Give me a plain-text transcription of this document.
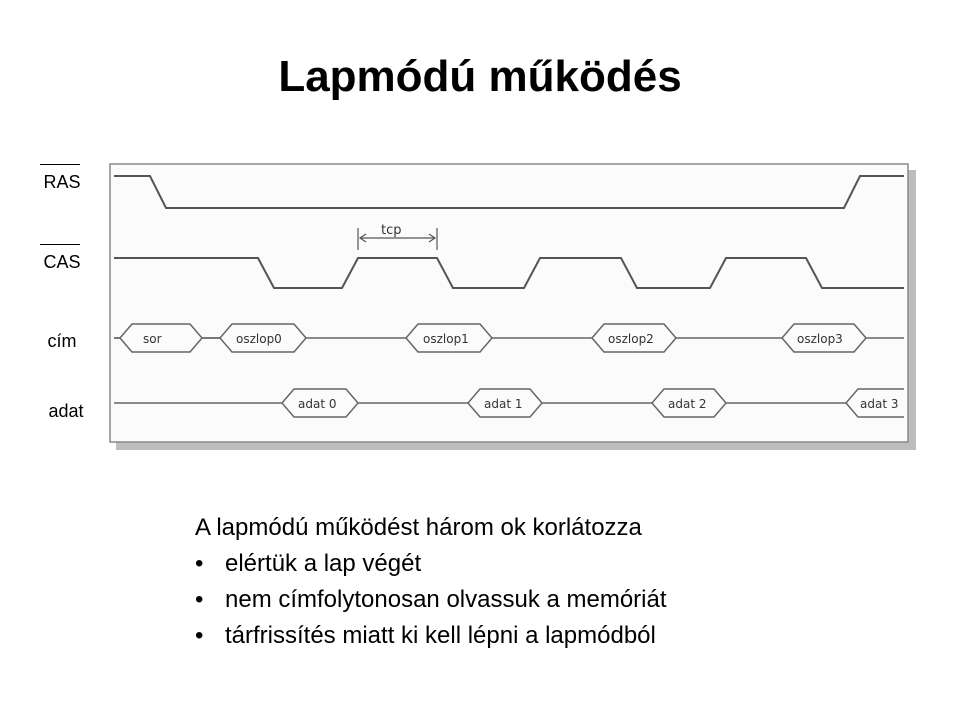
Lapmódú működés
RAS
CAS
cím
adat
tcp
sor	oszlop0	oszlop1	oszlop2	oszlop3
adat 0	adat 1	adat 2	adat 3

A lapmódú működést három ok korlátozza

• elértük a lap végét
• nem címfolytonosan olvassuk a memóriát
• tárfrissítés miatt ki kell lépni a lapmódból
